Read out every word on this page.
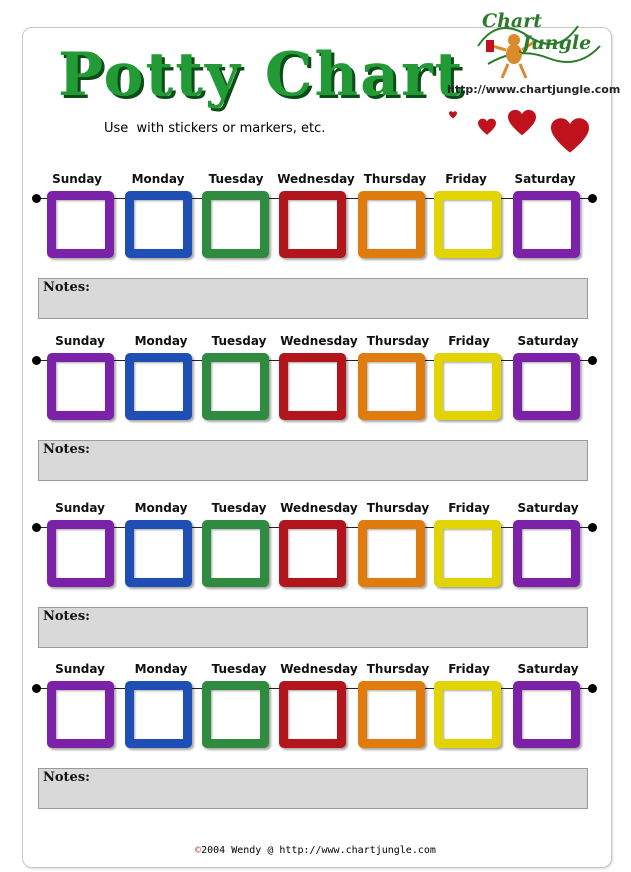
Potty Chart
Use  with stickers or markers, etc.
Chart
Jungle
http://www.chartjungle.com
Sunday	Monday	Tuesday	Wednesday Thursday	Friday	Saturday
Notes:
Sunday	Monday	Tuesday	Wednesday Thursday	Friday	Saturday
Notes:
Sunday	Monday	Tuesday	Wednesday Thursday	Friday	Saturday
Notes:
Sunday	Monday	Tuesday	Wednesday Thursday	Friday	Saturday
Notes:
©2004 Wendy @ http://www.chartjungle.com
